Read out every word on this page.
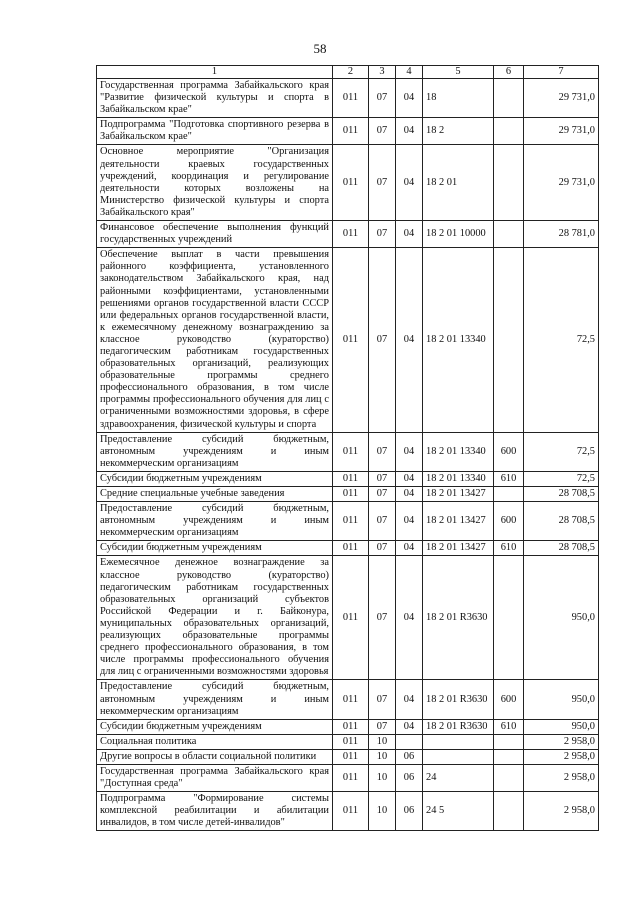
58
1	2	3	4	5	6	7
Государственная программа Забайкальского края "Развитие физической культуры и спорта в Забайкальском крае"	011	07	04	18		29 731,0
Подпрограмма "Подготовка спортивного резерва в Забайкальском крае"	011	07	04	18 2		29 731,0
Основное мероприятие "Организация деятельности краевых государственных учреждений, координация и регулирование деятельности которых возложены на Министерство физической культуры и спорта Забайкальского края"	011	07	04	18 2 01		29 731,0
Финансовое обеспечение выполнения функций государственных учреждений	011	07	04	18 2 01 10000		28 781,0
Обеспечение выплат в части превышения районного коэффициента, установленного законодательством Забайкальского края, над районными коэффициентами, установленными решениями органов государственной власти СССР или федеральных органов государственной власти, к ежемесячному денежному вознаграждению за классное руководство (кураторство) педагогическим работникам государственных образовательных организаций, реализующих образовательные программы среднего профессионального образования, в том числе программы профессионального обучения для лиц с ограниченными возможностями здоровья, в сфере здравоохранения, физической культуры и спорта	011	07	04	18 2 01 13340		72,5
Предоставление субсидий бюджетным, автономным учреждениям и иным некоммерческим организациям	011	07	04	18 2 01 13340	600	72,5
Субсидии бюджетным учреждениям	011	07	04	18 2 01 13340	610	72,5
Средние специальные учебные заведения	011	07	04	18 2 01 13427		28 708,5
Предоставление субсидий бюджетным, автономным учреждениям и иным некоммерческим организациям	011	07	04	18 2 01 13427	600	28 708,5
Субсидии бюджетным учреждениям	011	07	04	18 2 01 13427	610	28 708,5
Ежемесячное денежное вознаграждение за классное руководство (кураторство) педагогическим работникам государственных образовательных организаций субъектов Российской Федерации и г. Байконура, муниципальных образовательных организаций, реализующих образовательные программы среднего профессионального образования, в том числе программы профессионального обучения для лиц с ограниченными возможностями здоровья	011	07	04	18 2 01 R3630		950,0
Предоставление субсидий бюджетным, автономным учреждениям и иным некоммерческим организациям	011	07	04	18 2 01 R3630	600	950,0
Субсидии бюджетным учреждениям	011	07	04	18 2 01 R3630	610	950,0
Социальная политика	011	10				2 958,0
Другие вопросы в области социальной политики	011	10	06			2 958,0
Государственная программа Забайкальского края "Доступная среда"	011	10	06	24		2 958,0
Подпрограмма "Формирование системы комплексной реабилитации и абилитации инвалидов, в том числе детей-инвалидов"	011	10	06	24 5		2 958,0
